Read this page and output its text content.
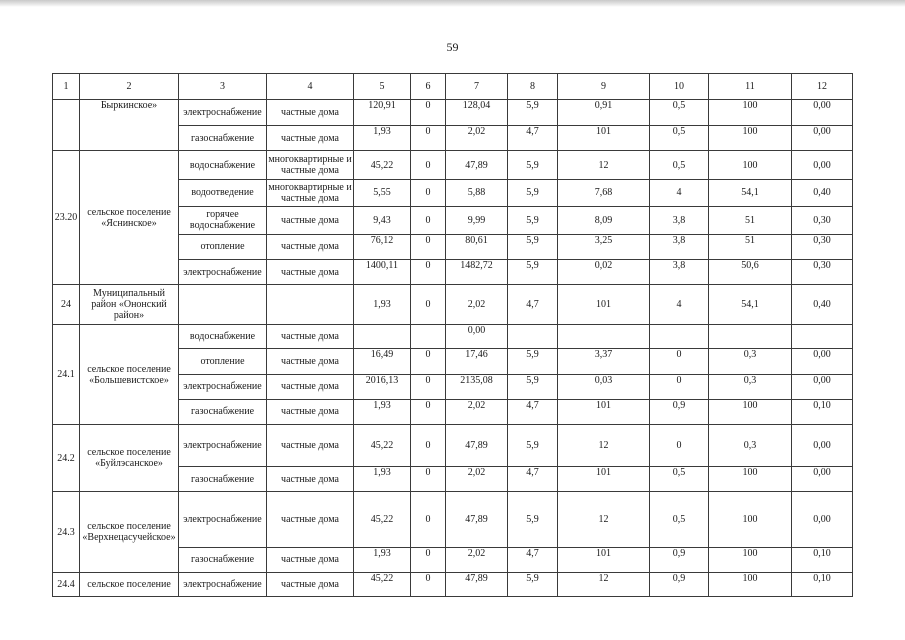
59
1	2	3	4	5	6	7	8	9	10	11	12
	Быркинское»	электроснабжение	частные дома	120,91	0	128,04	5,9	0,91	0,5	100	0,00
		газоснабжение	частные дома	1,93	0	2,02	4,7	101	0,5	100	0,00
23.20	сельское поселение «Яснинское»	водоснабжение	многоквартирные и частные дома	45,22	0	47,89	5,9	12	0,5	100	0,00
		водоотведение	многоквартирные и частные дома	5,55	0	5,88	5,9	7,68	4	54,1	0,40
		горячее водоснабжение	частные дома	9,43	0	9,99	5,9	8,09	3,8	51	0,30
		отопление	частные дома	76,12	0	80,61	5,9	3,25	3,8	51	0,30
		электроснабжение	частные дома	1400,11	0	1482,72	5,9	0,02	3,8	50,6	0,30
24	Муниципальный район «Ононский район»			1,93	0	2,02	4,7	101	4	54,1	0,40
24.1	сельское поселение «Большевистское»	водоснабжение	частные дома			0,00					
		отопление	частные дома	16,49	0	17,46	5,9	3,37	0	0,3	0,00
		электроснабжение	частные дома	2016,13	0	2135,08	5,9	0,03	0	0,3	0,00
		газоснабжение	частные дома	1,93	0	2,02	4,7	101	0,9	100	0,10
24.2	сельское поселение «Буйлэсанское»	электроснабжение	частные дома	45,22	0	47,89	5,9	12	0	0,3	0,00
		газоснабжение	частные дома	1,93	0	2,02	4,7	101	0,5	100	0,00
24.3	сельское поселение «Верхнецасучейское»	электроснабжение	частные дома	45,22	0	47,89	5,9	12	0,5	100	0,00
		газоснабжение	частные дома	1,93	0	2,02	4,7	101	0,9	100	0,10
24.4	сельское поселение	электроснабжение	частные дома	45,22	0	47,89	5,9	12	0,9	100	0,10
